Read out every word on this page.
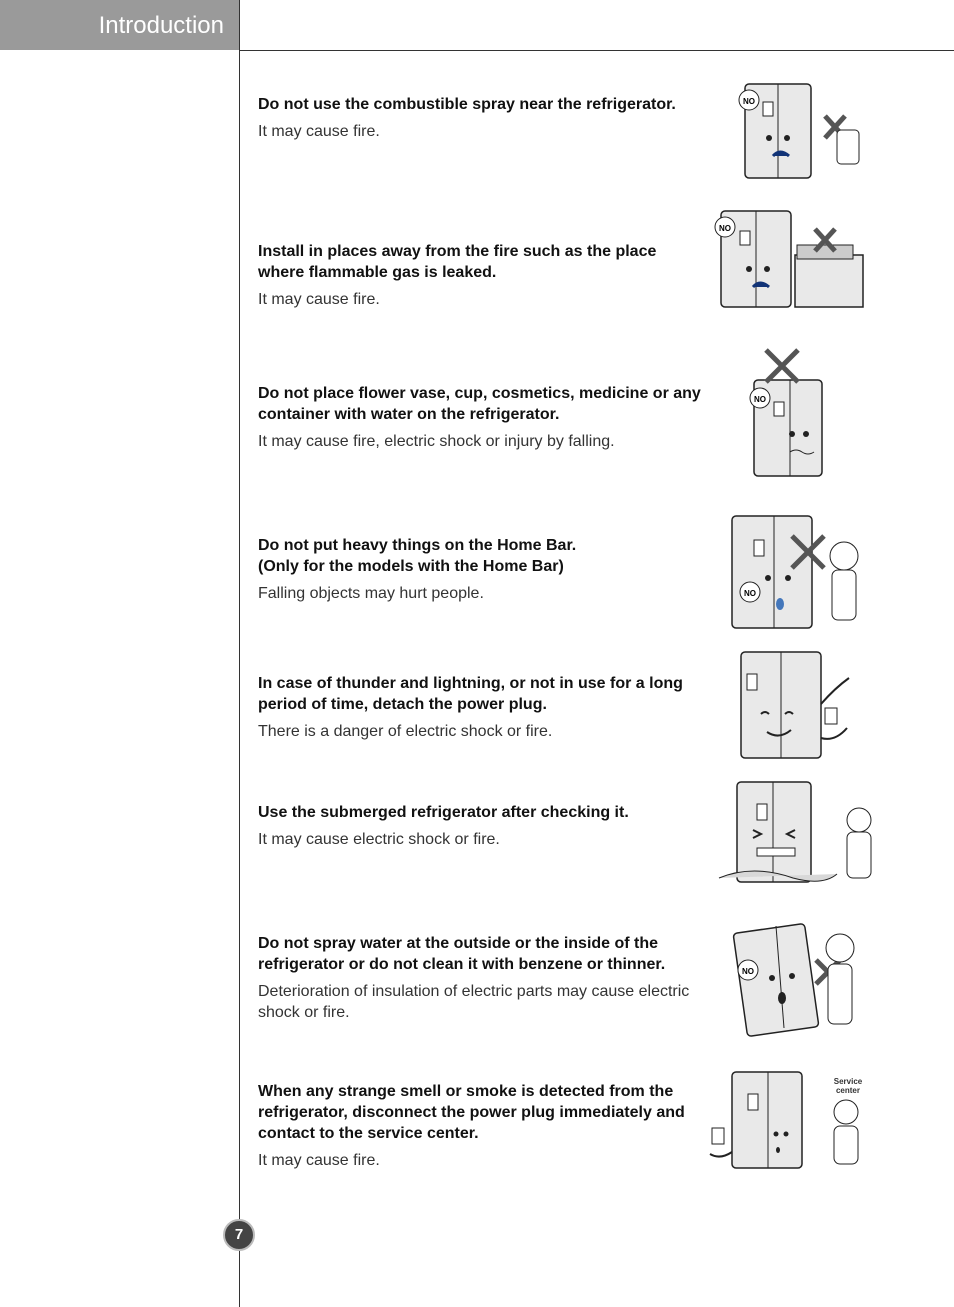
Introduction

Do not use the combustible spray near the refrigerator.

It may cause fire.

NO

Install in places away from the fire such as the place where flammable gas is leaked.

It may cause fire.

NO

Do not place flower vase, cup, cosmetics, medicine or any container with water on the refrigerator.

It may cause fire, electric shock or injury by falling.

NO

Do not put heavy things on the Home Bar.
(Only for the models with the Home Bar)

Falling objects may hurt people.	NO

In case of thunder and lightning, or not in use for a long period of time, detach the power plug.

There is a danger of electric shock or fire.

Use the submerged refrigerator after checking it.

It may cause electric shock or fire.

Do not spray water at the outside or the inside of the refrigerator or do not clean it with benzene or thinner.

Deterioration of insulation of electric parts may cause electric shock or fire.

NO

When any strange smell or smoke is detected from the refrigerator, disconnect the power plug immediately and contact to the service center.

It may cause fire.

Service
center
7
